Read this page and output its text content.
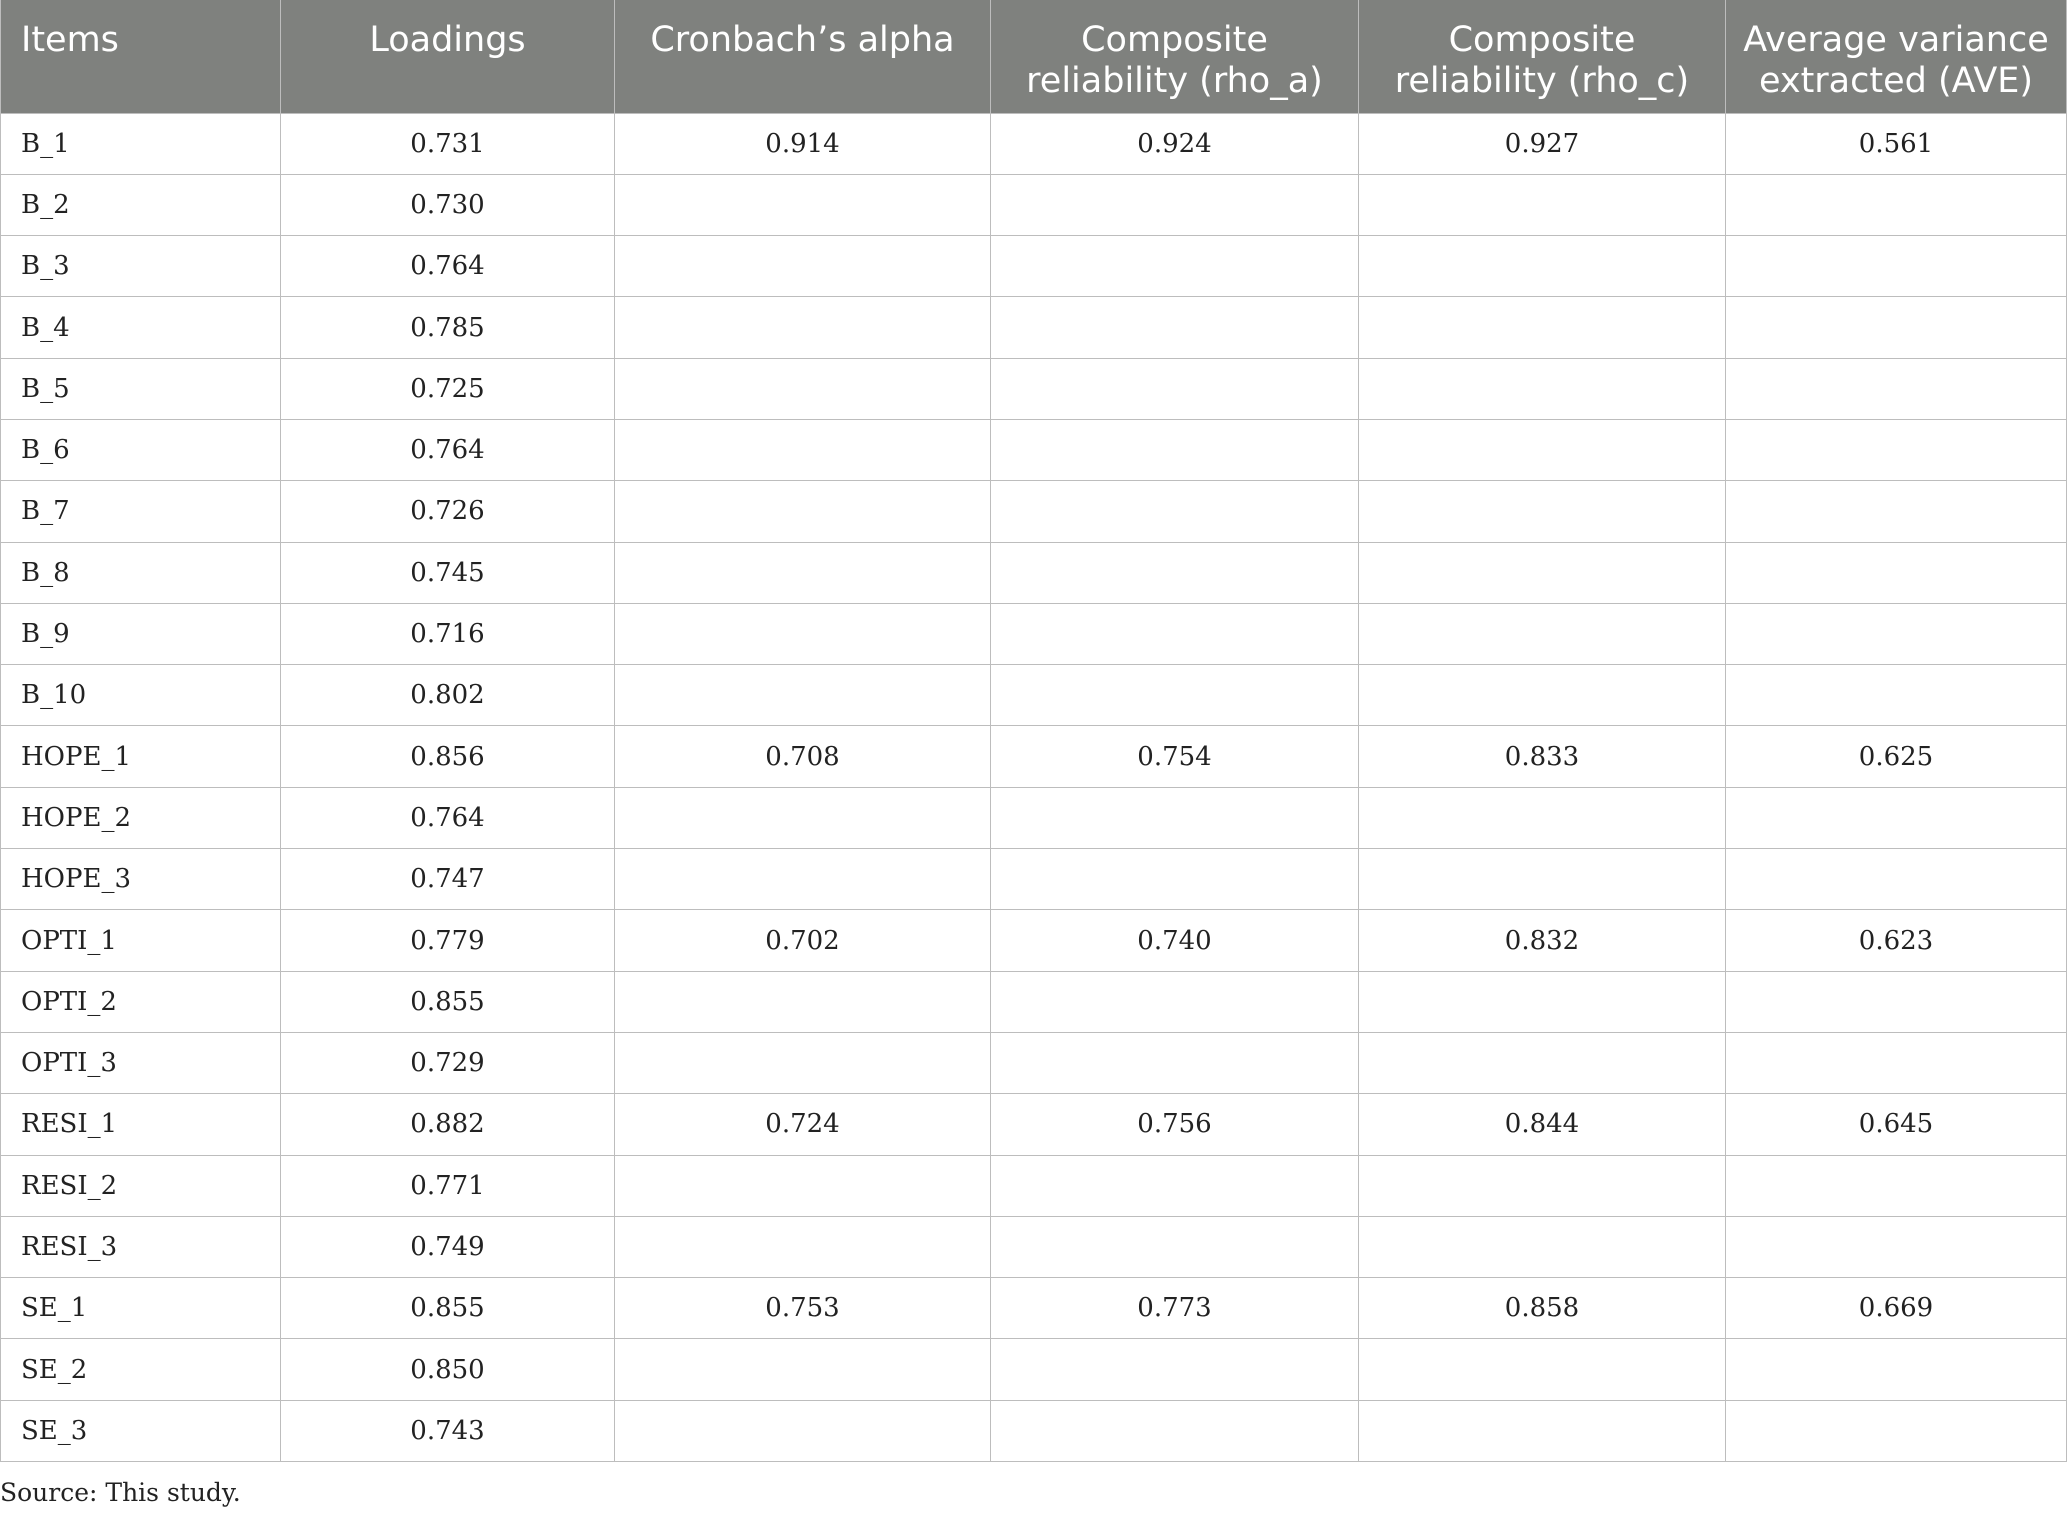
Items	Loadings	Cronbach’s alpha	Composite reliability (rho_a)	Composite reliability (rho_c)	Average variance extracted (AVE)

B_1	0.731	0.914	0.924	0.927	0.561
B_2	0.730				
B_3	0.764				
B_4	0.785				
B_5	0.725				
B_6	0.764				
B_7	0.726				
B_8	0.745				
B_9	0.716				
B_10	0.802				
HOPE_1	0.856	0.708	0.754	0.833	0.625
HOPE_2	0.764				
HOPE_3	0.747				
OPTI_1	0.779	0.702	0.740	0.832	0.623
OPTI_2	0.855				
OPTI_3	0.729				
RESI_1	0.882	0.724	0.756	0.844	0.645
RESI_2	0.771				
RESI_3	0.749				
SE_1	0.855	0.753	0.773	0.858	0.669
SE_2	0.850				
SE_3	0.743				
Source: This study.
